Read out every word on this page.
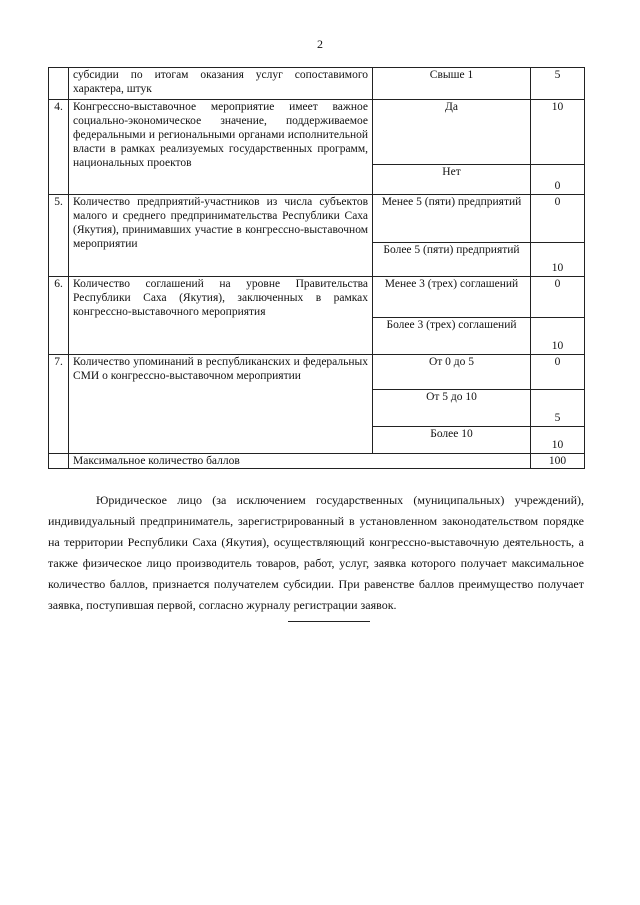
2
	субсидии по итогам оказания услуг сопоставимого характера, штук	Свыше 1	5
4.	Конгрессно-выставочное мероприятие имеет важное социально-экономическое значение, поддерживаемое федеральными и региональными органами исполнительной власти в рамках реализуемых государственных программ, национальных проектов	Да	10
		Нет	0
5.	Количество предприятий-участников из числа субъектов малого и среднего предпринимательства Республики Саха (Якутия), принимавших участие в конгрессно-выставочном мероприятии	Менее 5 (пяти) предприятий	0
		Более 5 (пяти) предприятий	10
6.	Количество соглашений на уровне Правительства Республики Саха (Якутия), заключенных в рамках конгрессно-выставочного мероприятия	Менее 3 (трех) соглашений	0
		Более 3 (трех) соглашений	10
7.	Количество упоминаний в республиканских и федеральных СМИ о конгрессно-выставочном мероприятии	От 0 до 5	0
		От 5 до 10	5
		Более 10	10
	Максимальное количество баллов		100

Юридическое лицо (за исключением государственных (муниципальных) учреждений), индивидуальный предприниматель, зарегистрированный в установленном законодательством порядке на территории Республики Саха (Якутия), осуществляющий конгрессно-выставочную деятельность, а также физическое лицо производитель товаров, работ, услуг, заявка которого получает максимальное количество баллов, признается получателем субсидии. При равенстве баллов преимущество получает заявка, поступившая первой, согласно журналу регистрации заявок.
